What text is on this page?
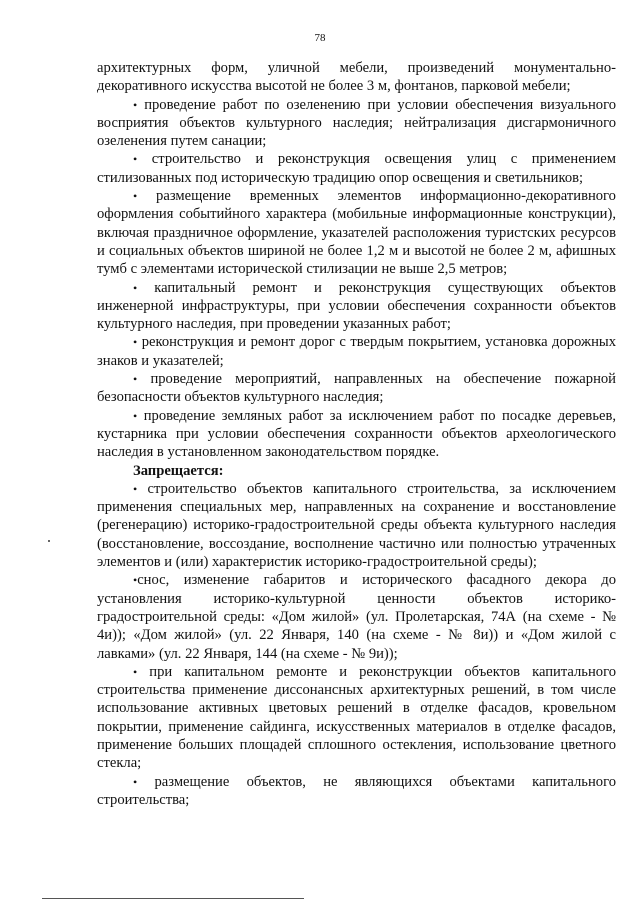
78

архитектурных форм, уличной мебели, произведений монументально-декоративного искусства высотой не более 3 м, фонтанов, парковой мебели;

• проведение работ по озеленению при условии обеспечения визуального восприятия объектов культурного наследия; нейтрализация дисгармоничного озеленения путем санации;

• строительство и реконструкция освещения улиц с применением стилизованных под историческую традицию опор освещения и светильников;

• размещение временных элементов информационно-декоративного оформления событийного характера (мобильные информационные конструкции), включая праздничное оформление, указателей расположения туристских ресурсов и социальных объектов шириной не более 1,2 м и высотой не более 2 м, афишных тумб с элементами исторической стилизации не выше 2,5 метров;

• капитальный ремонт и реконструкция существующих объектов инженерной инфраструктуры, при условии обеспечения сохранности объектов культурного наследия, при проведении указанных работ;

• реконструкция и ремонт дорог с твердым покрытием, установка дорожных знаков и указателей;

• проведение мероприятий, направленных на обеспечение пожарной безопасности объектов культурного наследия;

• проведение земляных работ за исключением работ по посадке деревьев, кустарника при условии обеспечения сохранности объектов археологического наследия в установленном законодательством порядке.

Запрещается:

• строительство объектов капитального строительства, за исключением применения специальных мер, направленных на сохранение и восстановление (регенерацию) историко-градостроительной среды объекта культурного наследия (восстановление, воссоздание, восполнение частично или полностью утраченных элементов и (или) характеристик историко-градостроительной среды);

•снос, изменение габаритов и исторического фасадного декора до установления историко-культурной ценности объектов историко-градостроительной среды: «Дом жилой» (ул. Пролетарская, 74А (на схеме - № 4и)); «Дом жилой» (ул. 22 Января, 140 (на схеме - № 8и)) и «Дом жилой с лавками» (ул. 22 Января, 144 (на схеме - № 9и));

• при капитальном ремонте и реконструкции объектов капитального строительства применение диссонансных архитектурных решений, в том числе использование активных цветовых решений в отделке фасадов, кровельном покрытии, применение сайдинга, искусственных материалов в отделке фасадов, применение больших площадей сплошного остекления, использование цветного стекла;

• размещение объектов, не являющихся объектами капитального строительства;
